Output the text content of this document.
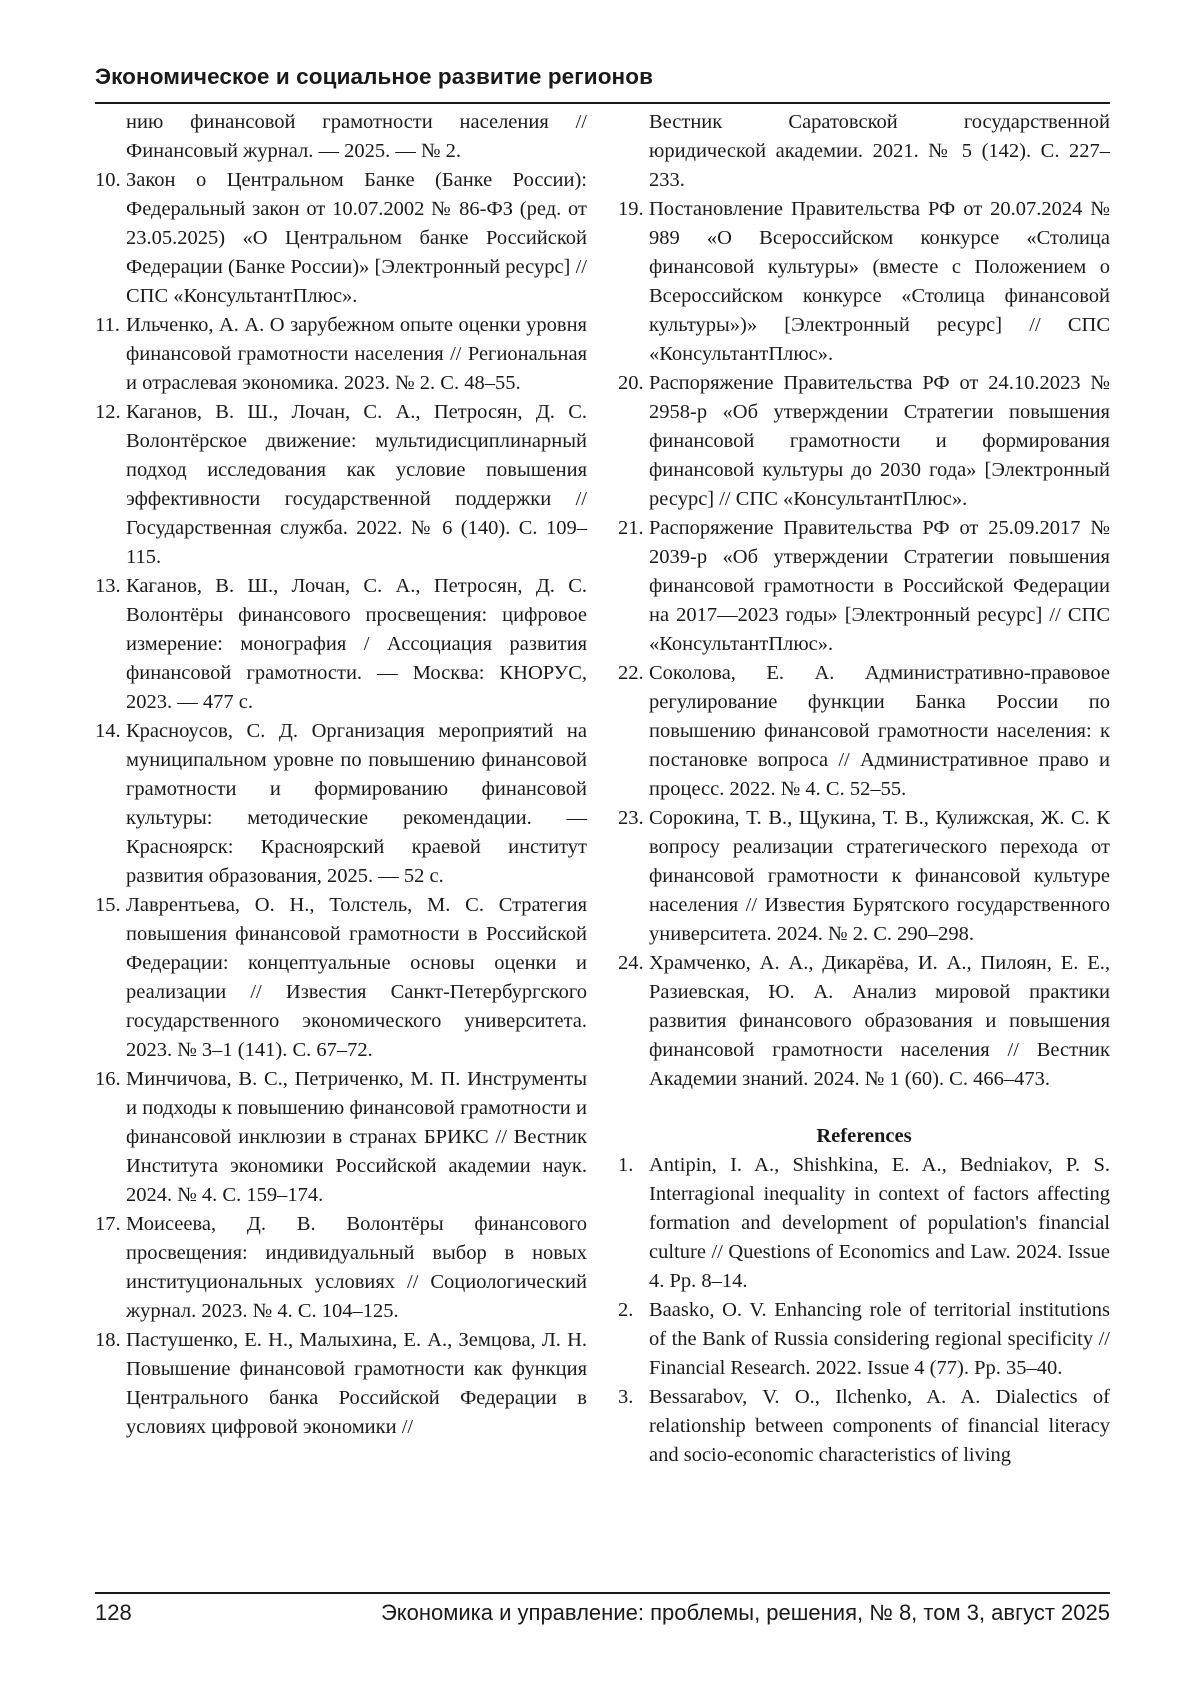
Экономическое и социальное развитие регионов
нию финансовой грамотности населения // Финансовый журнал. — 2025. — № 2.
10. Закон о Центральном Банке (Банке России): Федеральный закон от 10.07.2002 № 86-ФЗ (ред. от 23.05.2025) «О Центральном банке Российской Федерации (Банке России)» [Электронный ресурс] // СПС «КонсультантПлюс».
11. Ильченко, А. А. О зарубежном опыте оценки уровня финансовой грамотности населения // Региональная и отраслевая экономика. 2023. № 2. С. 48–55.
12. Каганов, В. Ш., Лочан, С. А., Петросян, Д. С. Волонтёрское движение: мультидисциплинарный подход исследования как условие повышения эффективности государственной поддержки // Государственная служба. 2022. № 6 (140). С. 109–115.
13. Каганов, В. Ш., Лочан, С. А., Петросян, Д. С. Волонтёры финансового просвещения: цифровое измерение: монография / Ассоциация развития финансовой грамотности. — Москва: КНОРУС, 2023. — 477 с.
14. Красноусов, С. Д. Организация мероприятий на муниципальном уровне по повышению финансовой грамотности и формированию финансовой культуры: методические рекомендации. — Красноярск: Красноярский краевой институт развития образования, 2025. — 52 с.
15. Лаврентьева, О. Н., Толстель, М. С. Стратегия повышения финансовой грамотности в Российской Федерации: концептуальные основы оценки и реализации // Известия Санкт-Петербургского государственного экономического университета. 2023. № 3–1 (141). С. 67–72.
16. Минчичова, В. С., Петриченко, М. П. Инструменты и подходы к повышению финансовой грамотности и финансовой инклюзии в странах БРИКС // Вестник Института экономики Российской академии наук. 2024. № 4. С. 159–174.
17. Моисеева, Д. В. Волонтёры финансового просвещения: индивидуальный выбор в новых институциональных условиях // Социологический журнал. 2023. № 4. С. 104–125.
18. Пастушенко, Е. Н., Малыхина, Е. А., Земцова, Л. Н. Повышение финансовой грамотности как функция Центрального банка Российской Федерации в условиях цифровой экономики //
Вестник Саратовской государственной юридической академии. 2021. № 5 (142). С. 227–233.
19. Постановление Правительства РФ от 20.07.2024 № 989 «О Всероссийском конкурсе «Столица финансовой культуры» (вместе с Положением о Всероссийском конкурсе «Столица финансовой культуры»)» [Электронный ресурс] // СПС «КонсультантПлюс».
20. Распоряжение Правительства РФ от 24.10.2023 № 2958-р «Об утверждении Стратегии повышения финансовой грамотности и формирования финансовой культуры до 2030 года» [Электронный ресурс] // СПС «КонсультантПлюс».
21. Распоряжение Правительства РФ от 25.09.2017 № 2039-р «Об утверждении Стратегии повышения финансовой грамотности в Российской Федерации на 2017—2023 годы» [Электронный ресурс] // СПС «КонсультантПлюс».
22. Соколова, Е. А. Административно-правовое регулирование функции Банка России по повышению финансовой грамотности населения: к постановке вопроса // Административное право и процесс. 2022. № 4. С. 52–55.
23. Сорокина, Т. В., Щукина, Т. В., Кулижская, Ж. С. К вопросу реализации стратегического перехода от финансовой грамотности к финансовой культуре населения // Известия Бурятского государственного университета. 2024. № 2. С. 290–298.
24. Храмченко, А. А., Дикарёва, И. А., Пилоян, Е. Е., Разиевская, Ю. А. Анализ мировой практики развития финансового образования и повышения финансовой грамотности населения // Вестник Академии знаний. 2024. № 1 (60). С. 466–473.
References
1. Antipin, I. A., Shishkina, E. A., Bedniakov, P. S. Interragional inequality in context of factors affecting formation and development of population's financial culture // Questions of Economics and Law. 2024. Issue 4. Pp. 8–14.
2. Baasko, O. V. Enhancing role of territorial institutions of the Bank of Russia considering regional specificity // Financial Research. 2022. Issue 4 (77). Pp. 35–40.
3. Bessarabov, V. O., Ilchenko, A. A. Dialectics of relationship between components of financial literacy and socio-economic characteristics of living
128	Экономика и управление: проблемы, решения, № 8, том 3, август 2025
